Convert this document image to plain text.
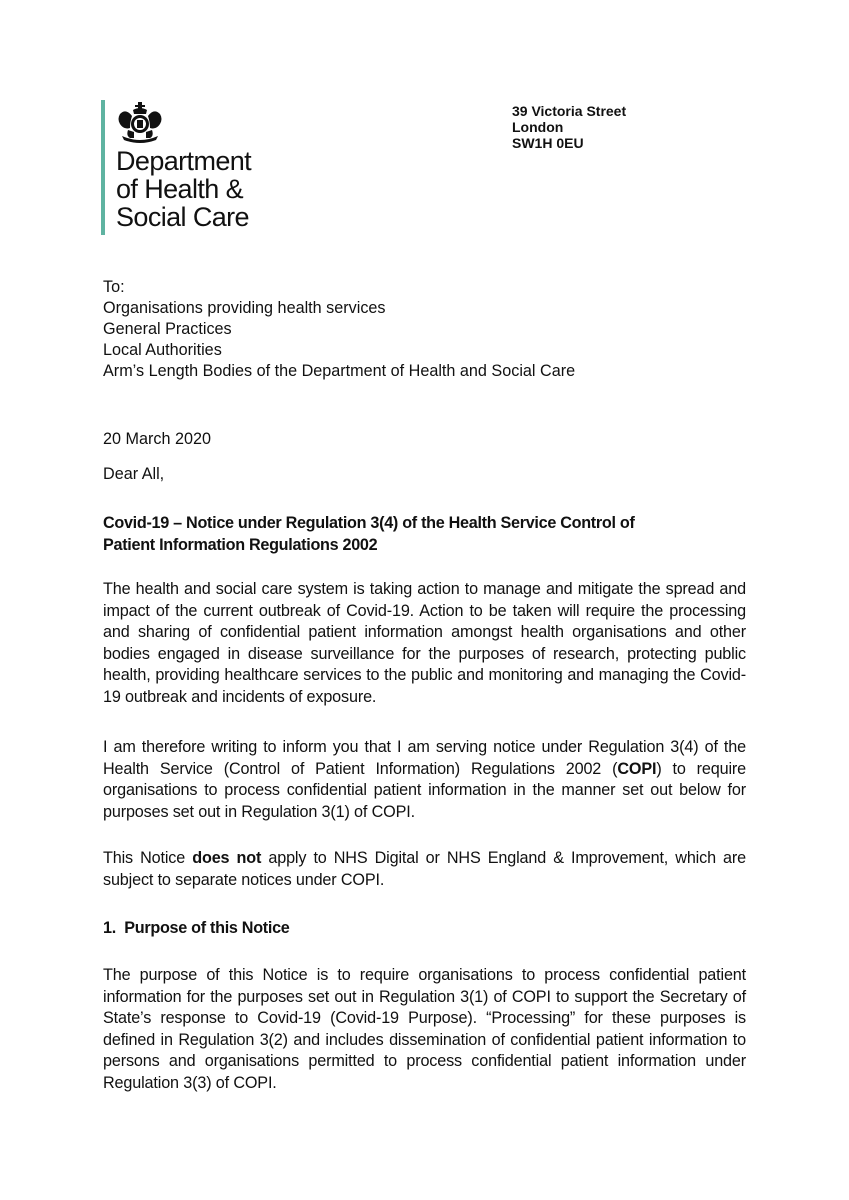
Department
of Health &
Social Care
39 Victoria Street
London
SW1H 0EU
To:
Organisations providing health services
General Practices
Local Authorities
Arm’s Length Bodies of the Department of Health and Social Care
20 March 2020
Dear All,
Covid-19 – Notice under Regulation 3(4) of the Health Service Control of
Patient Information Regulations 2002
The health and social care system is taking action to manage and mitigate the spread and impact of the current outbreak of Covid-19. Action to be taken will require the processing and sharing of confidential patient information amongst health organisations and other bodies engaged in disease surveillance for the purposes of research, protecting public health, providing healthcare services to the public and monitoring and managing the Covid-19 outbreak and incidents of exposure.
I am therefore writing to inform you that I am serving notice under Regulation 3(4) of the Health Service (Control of Patient Information) Regulations 2002 (COPI) to require organisations to process confidential patient information in the manner set out below for purposes set out in Regulation 3(1) of COPI.
This Notice does not apply to NHS Digital or NHS England & Improvement, which are subject to separate notices under COPI.
1.  Purpose of this Notice
The purpose of this Notice is to require organisations to process confidential patient information for the purposes set out in Regulation 3(1) of COPI to support the Secretary of State’s response to Covid-19 (Covid-19 Purpose). “Processing” for these purposes is defined in Regulation 3(2) and includes dissemination of confidential patient information to persons and organisations permitted to process confidential patient information under Regulation 3(3) of COPI.
